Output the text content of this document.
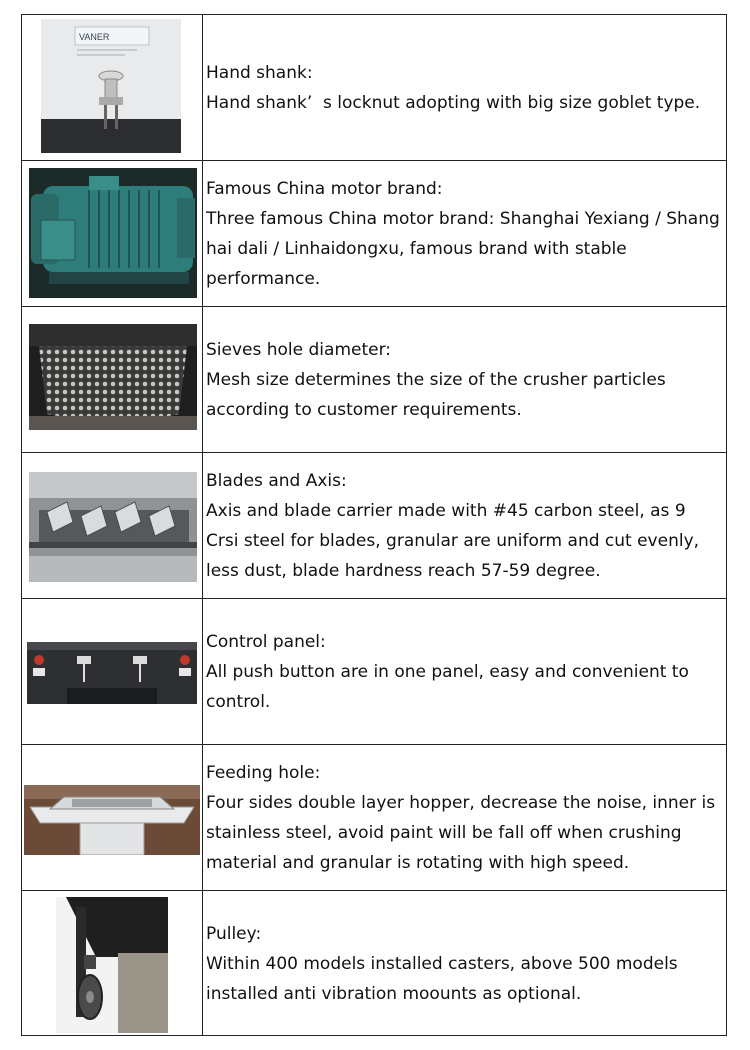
VANER

Hand shank:

Hand shank’  s locknut adopting with big size goblet type.

Famous China motor brand:

Three famous China motor brand: Shanghai Yexiang / Shang hai dali / Linhaidongxu, famous brand with stable performance.

Sieves hole diameter:

Mesh size determines the size of the crusher particles according to customer requirements.

Blades and Axis:

Axis and blade carrier made with #45 carbon steel, as 9 Crsi steel for blades, granular are uniform and cut evenly, less dust, blade hardness reach 57-59 degree.

Control panel:

All push button are in one panel, easy and convenient to control.

Feeding hole:

Four sides double layer hopper, decrease the noise, inner is stainless steel, avoid paint will be fall off when crushing material and granular is rotating with high speed.

Pulley:

Within 400 models installed casters, above 500 models installed anti vibration moounts as optional.
